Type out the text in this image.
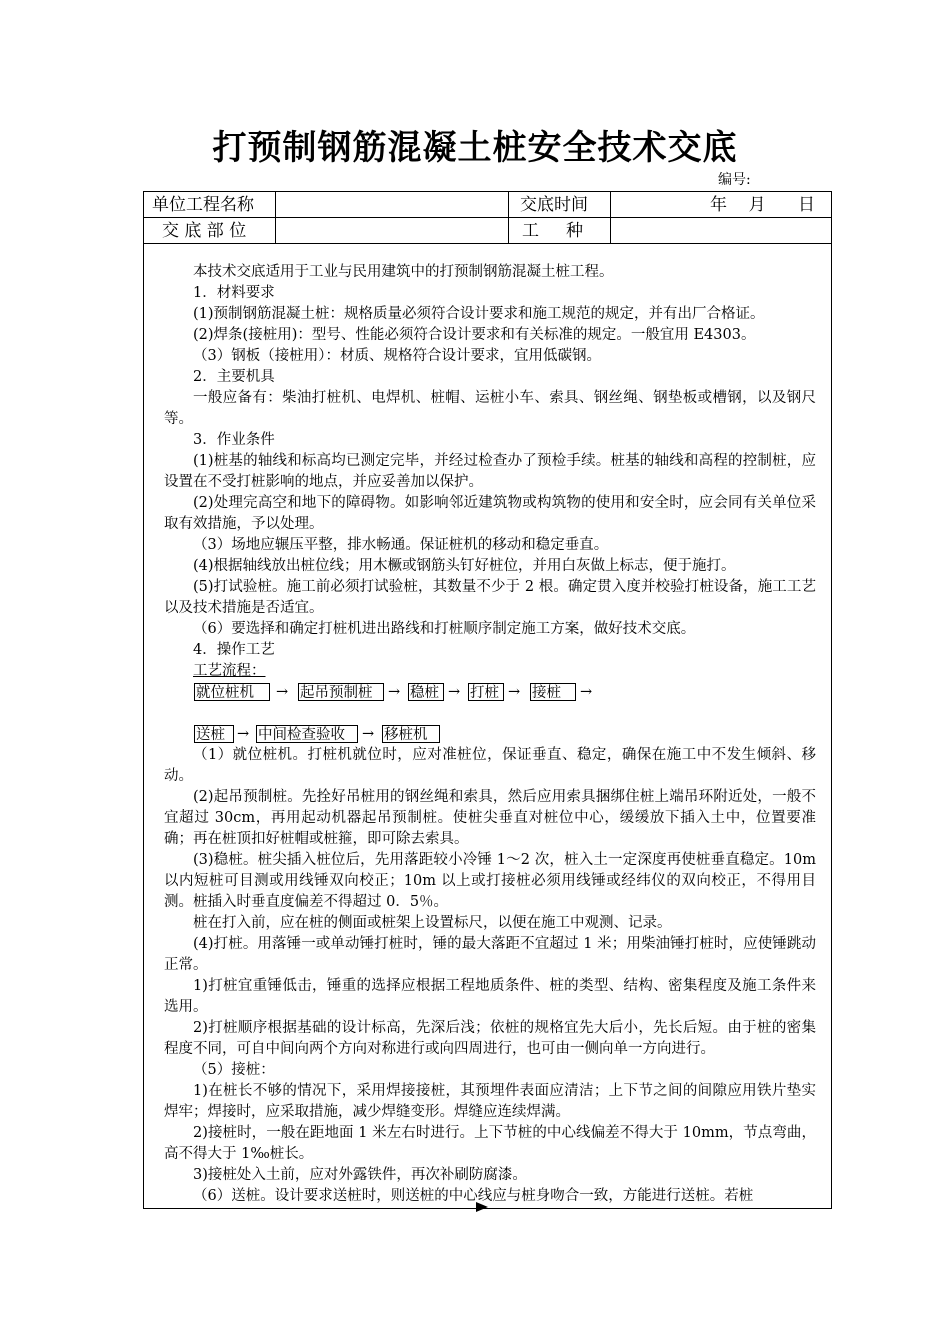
打预制钢筋混凝土桩安全技术交底
编号:
单位工程名称	交底时间	年    月      日
交 底 部 位	工     种

本技术交底适用于工业与民用建筑中的打预制钢筋混凝土桩工程。

1．材料要求

(1)预制钢筋混凝土桩：规格质量必须符合设计要求和施工规范的规定，并有出厂合格证。

(2)焊条(接桩用)：型号、性能必须符合设计要求和有关标准的规定。一般宜用 E4303。

（3）钢板（接桩用）：材质、规格符合设计要求，宜用低碳钢。

2．主要机具

一般应备有：柴油打桩机、电焊机、桩帽、运桩小车、索具、钢丝绳、钢垫板或槽钢，以及钢尺等。

3．作业条件

(1)桩基的轴线和标高均已测定完毕，并经过检查办了预检手续。桩基的轴线和高程的控制桩，应设置在不受打桩影响的地点，并应妥善加以保护。

(2)处理完高空和地下的障碍物。如影响邻近建筑物或构筑物的使用和安全时，应会同有关单位采取有效措施，予以处理。

（3）场地应辗压平整，排水畅通。保证桩机的移动和稳定垂直。

(4)根据轴线放出桩位线；用木橛或钢筋头钉好桩位，并用白灰做上标志，便于施打。

(5)打试验桩。施工前必须打试验桩，其数量不少于 2 根。确定贯入度并校验打桩设备，施工工艺以及技术措施是否适宜。

（6）要选择和确定打桩机进出路线和打桩顺序制定施工方案，做好技术交底。

4．操作工艺

工艺流程：

就位桩机	→ 起吊预制桩	→ 稳桩 → 打桩 → 接桩	→
送桩 → 中间检查验收	→ 移桩机

（1）就位桩机。打桩机就位时，应对准桩位，保证垂直、稳定，确保在施工中不发生倾斜、移动。

(2)起吊预制桩。先拴好吊桩用的钢丝绳和索具，然后应用索具捆绑住桩上端吊环附近处，一般不宜超过 30cm，再用起动机器起吊预制桩。使桩尖垂直对桩位中心，缓缓放下插入土中，位置要准确；再在桩顶扣好桩帽或桩箍，即可除去索具。

(3)稳桩。桩尖插入桩位后，先用落距较小冷锤 1～2 次，桩入土一定深度再使桩垂直稳定。10m 以内短桩可目测或用线锤双向校正；10m 以上或打接桩必须用线锤或经纬仪的双向校正，不得用目测。桩插入时垂直度偏差不得超过 0．5％。

桩在打入前，应在桩的侧面或桩架上设置标尺，以便在施工中观测、记录。

(4)打桩。用落锤一或单动锤打桩时，锤的最大落距不宜超过 1 米；用柴油锤打桩时，应使锤跳动正常。

1)打桩宜重锤低击，锤重的选择应根据工程地质条件、桩的类型、结构、密集程度及施工条件来选用。

2)打桩顺序根据基础的设计标高，先深后浅；依桩的规格宜先大后小，先长后短。由于桩的密集程度不同，可自中间向两个方向对称进行或向四周进行，也可由一侧向单一方向进行。

（5）接桩：

1)在桩长不够的情况下，采用焊接接桩，其预埋件表面应清洁；上下节之间的间隙应用铁片垫实焊牢；焊接时，应采取措施，减少焊缝变形。焊缝应连续焊满。

2)接桩时，一般在距地面 1 米左右时进行。上下节桩的中心线偏差不得大于 10mm，节点弯曲，高不得大于 1‰桩长。

3)接桩处入土前，应对外露铁件，再次补刷防腐漆。

（6）送桩。设计要求送桩时，则送桩的中心线应与桩身吻合一致，方能进行送桩。若桩
